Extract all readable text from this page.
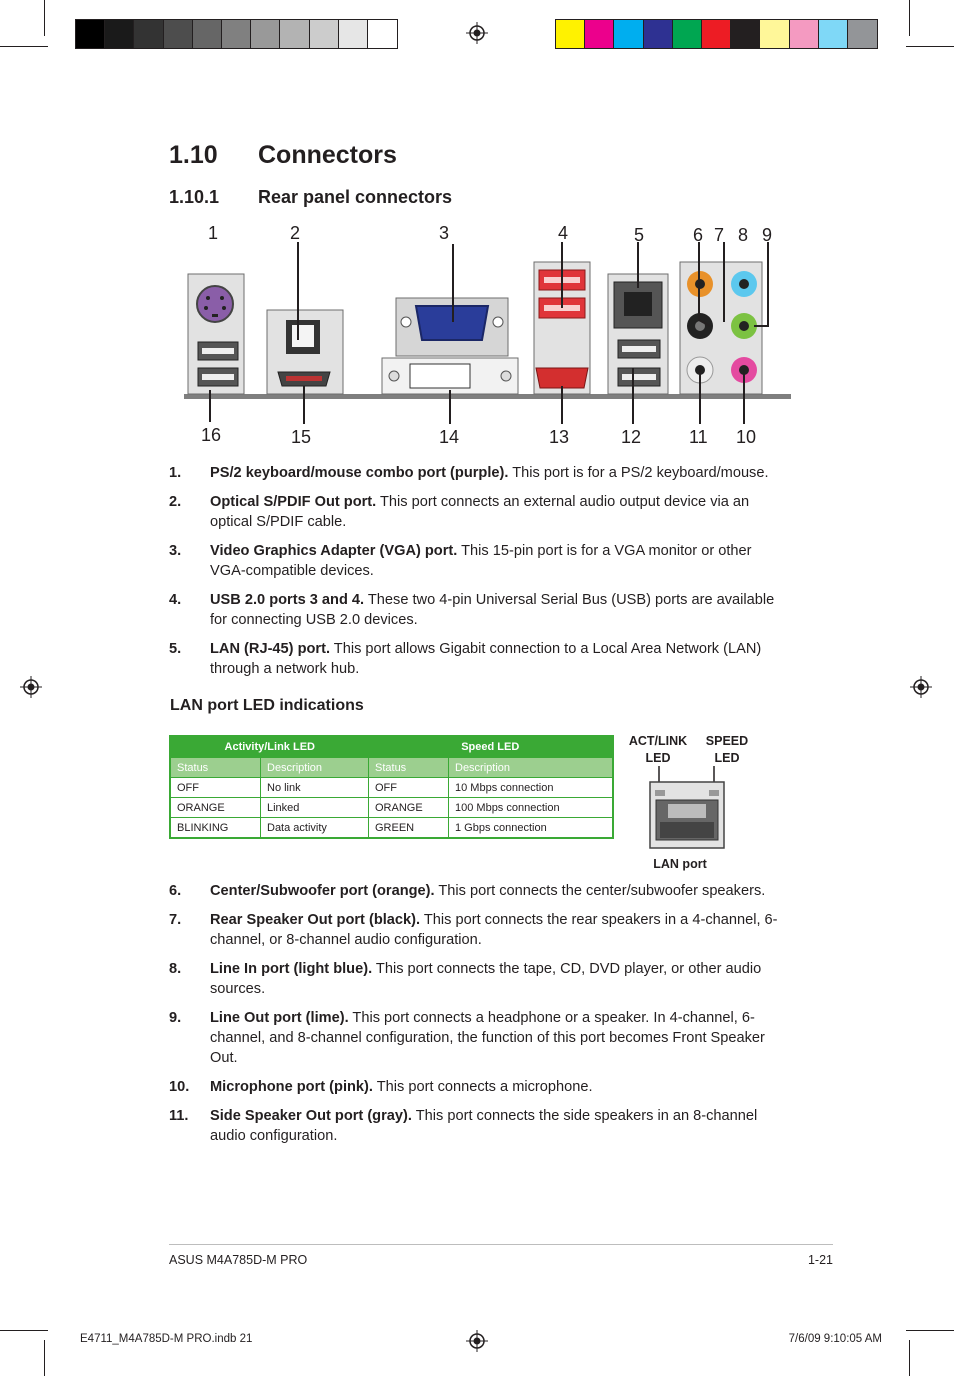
1.10 Connectors
1.10.1 Rear panel connectors
1	2	3	4	5	6 7 8 9
16	15	14	13	12	11 10
1. PS/2 keyboard/mouse combo port (purple). This port is for a PS/2 keyboard/mouse.
2. Optical S/PDIF Out port. This port connects an external audio output device via an optical S/PDIF cable.
3. Video Graphics Adapter (VGA) port. This 15-pin port is for a VGA monitor or other VGA-compatible devices.
4. USB 2.0 ports 3 and 4. These two 4-pin Universal Serial Bus (USB) ports are available for connecting USB 2.0 devices.
5. LAN (RJ-45) port. This port allows Gigabit connection to a Local Area Network (LAN) through a network hub.
LAN port LED indications
Activity/Link LED		Speed LED	
Status	Description	Status	Description
OFF	No link	OFF	10 Mbps connection
ORANGE	Linked	ORANGE	100 Mbps connection
BLINKING	Data activity	GREEN	1 Gbps connection
ACT/LINK
LED
SPEED
LED
LAN port
6. Center/Subwoofer port (orange). This port connects the center/subwoofer speakers.
7. Rear Speaker Out port (black). This port connects the rear speakers in a 4-channel, 6-channel, or 8-channel audio configuration.
8. Line In port (light blue). This port connects the tape, CD, DVD player, or other audio sources.
9. Line Out port (lime). This port connects a headphone or a speaker. In 4-channel, 6-channel, and 8-channel configuration, the function of this port becomes Front Speaker Out.
10. Microphone port (pink). This port connects a microphone.
11. Side Speaker Out port (gray). This port connects the side speakers in an 8-channel audio configuration.
ASUS M4A785D-M PRO	1-21
E4711_M4A785D-M PRO.indb 21	7/6/09 9:10:05 AM
